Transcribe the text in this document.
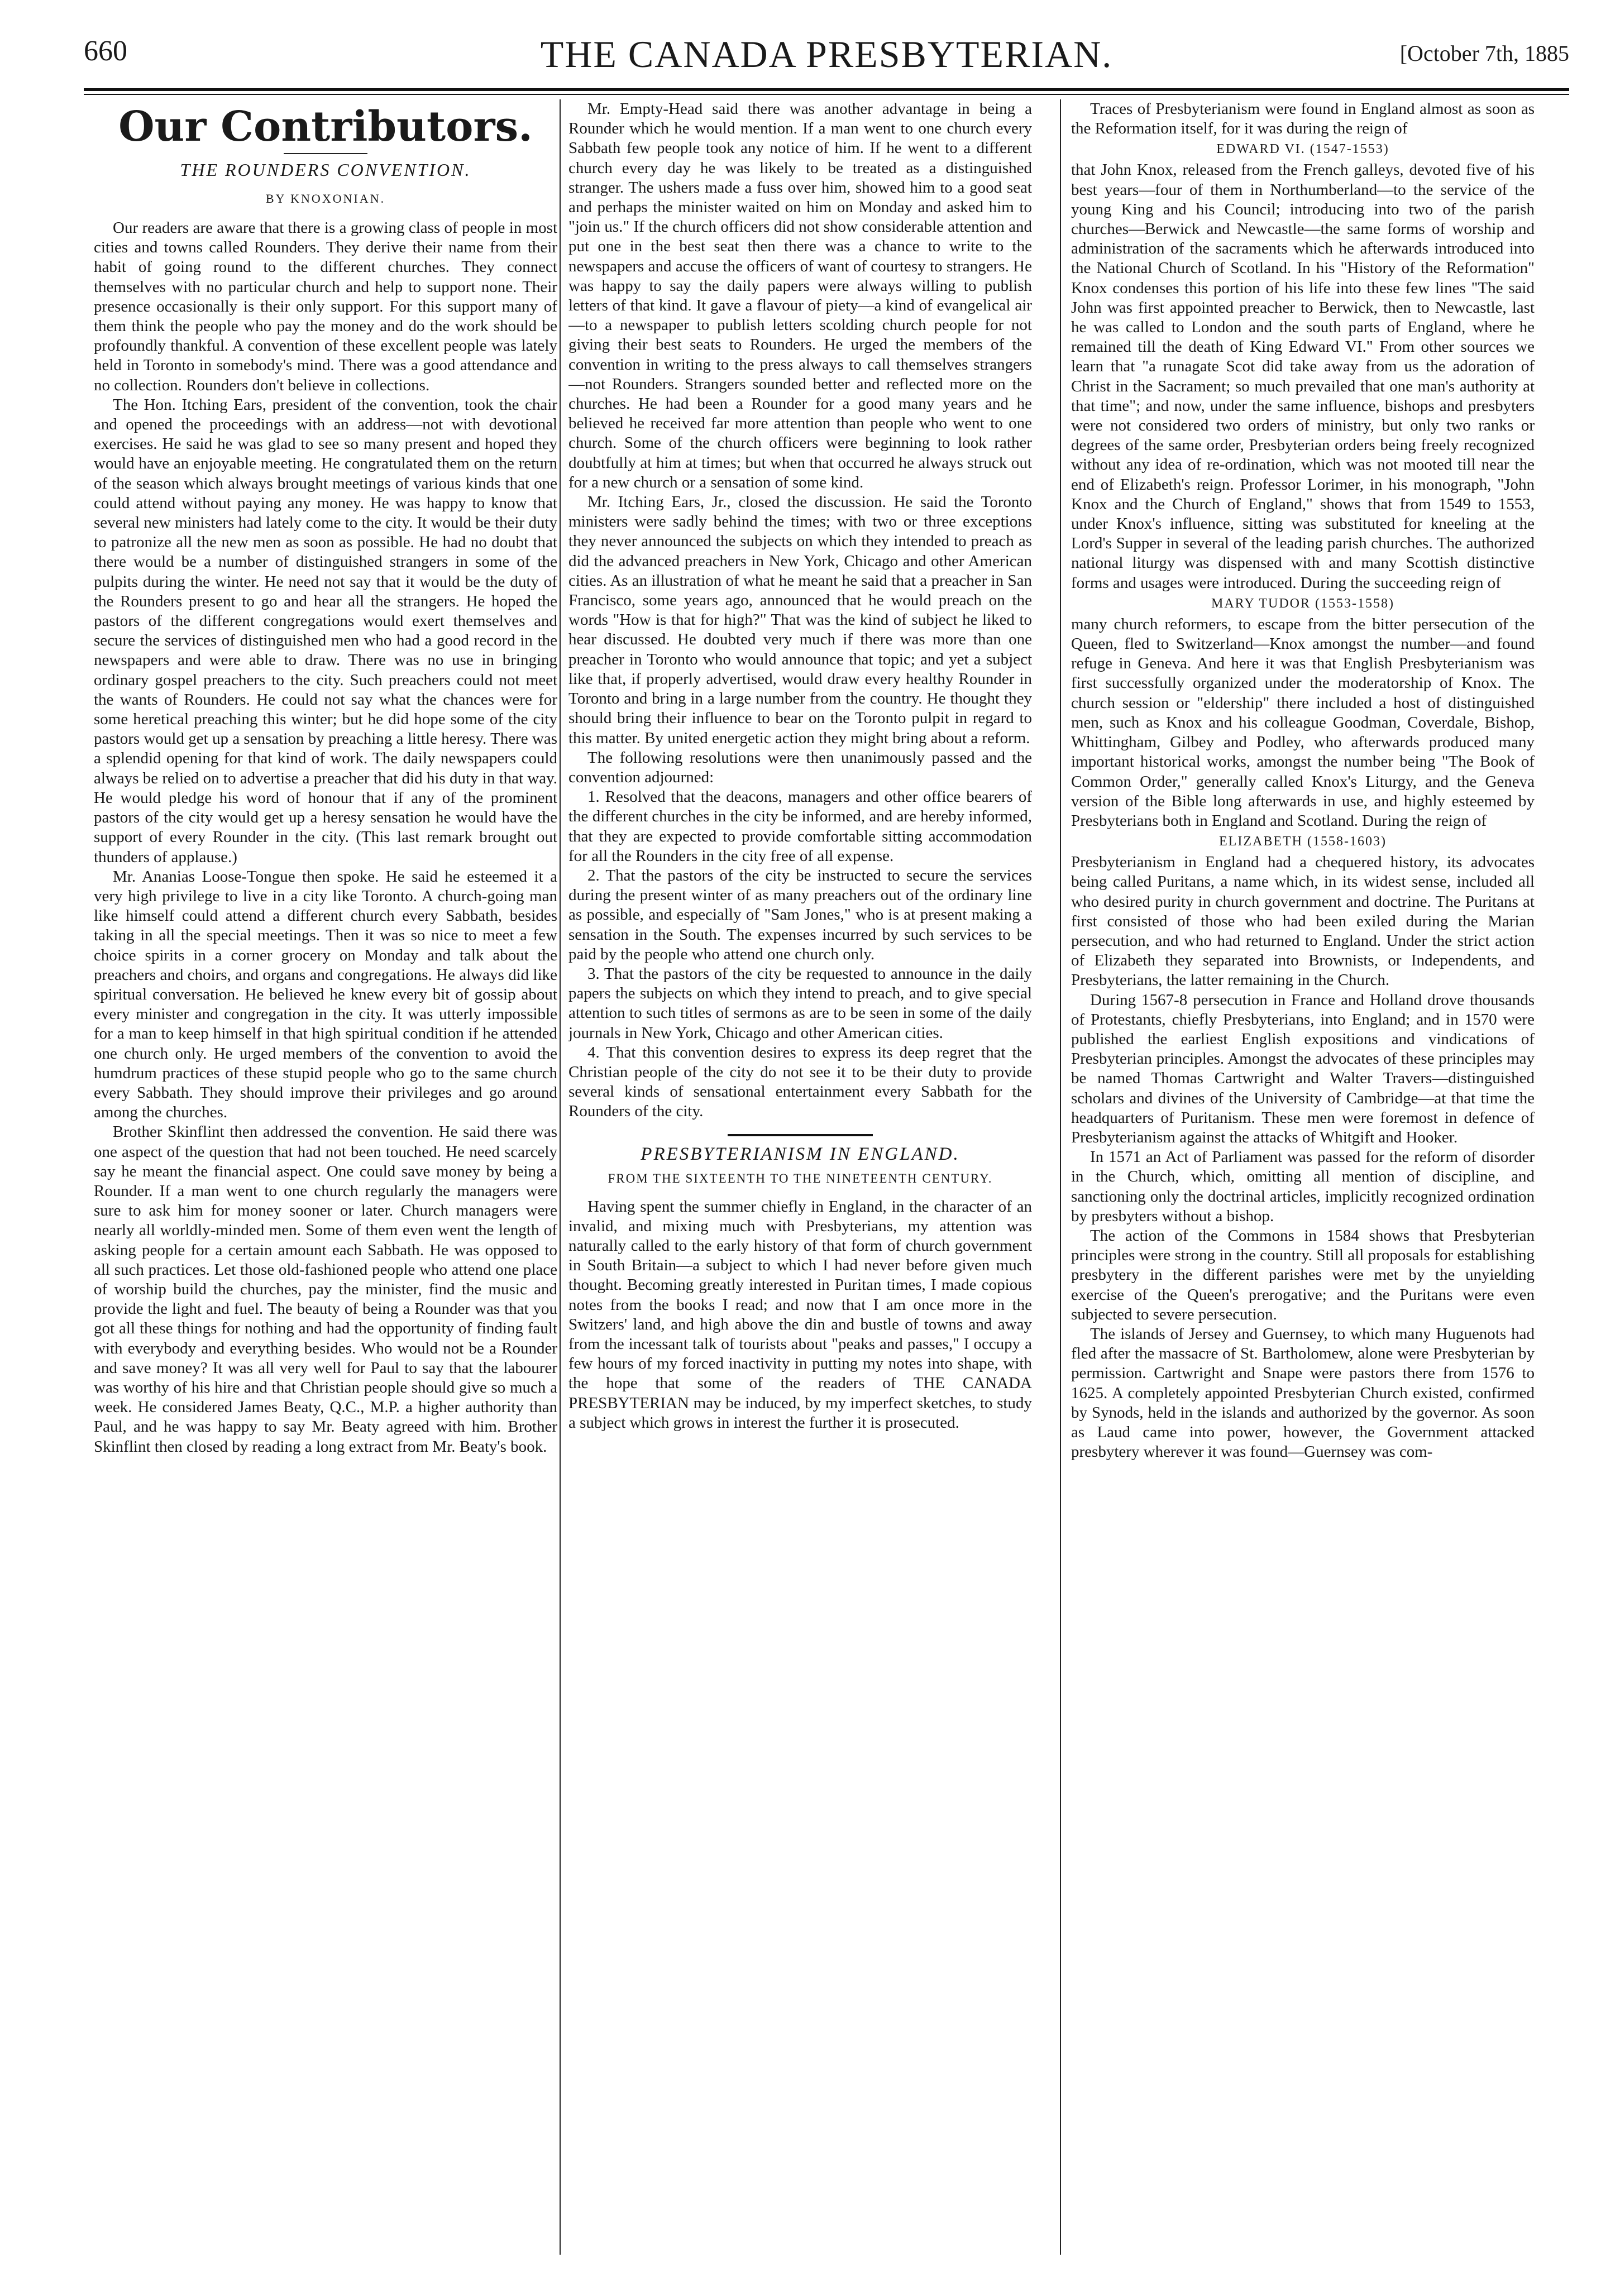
660	THE CANADA PRESBYTERIAN.	[October 7th, 1885
Our Contributors.
THE ROUNDERS CONVENTION.
BY KNOXONIAN.

Our readers are aware that there is a growing class of people in most cities and towns called Rounders. They derive their name from their habit of going round to the different churches. They connect themselves with no particular church and help to support none. Their presence occasionally is their only support. For this support many of them think the people who pay the money and do the work should be profoundly thankful. A convention of these excellent people was lately held in Toronto in somebody's mind. There was a good attendance and no collection. Rounders don't believe in collections.

The Hon. Itching Ears, president of the convention, took the chair and opened the proceedings with an address—not with devotional exercises. He said he was glad to see so many present and hoped they would have an enjoyable meeting. He congratulated them on the return of the season which always brought meetings of various kinds that one could attend without paying any money. He was happy to know that several new ministers had lately come to the city. It would be their duty to patronize all the new men as soon as possible. He had no doubt that there would be a number of distinguished strangers in some of the pulpits during the winter. He need not say that it would be the duty of the Rounders present to go and hear all the strangers. He hoped the pastors of the different congregations would exert themselves and secure the services of distinguished men who had a good record in the newspapers and were able to draw. There was no use in bringing ordinary gospel preachers to the city. Such preachers could not meet the wants of Rounders. He could not say what the chances were for some heretical preaching this winter; but he did hope some of the city pastors would get up a sensation by preaching a little heresy. There was a splendid opening for that kind of work. The daily newspapers could always be relied on to advertise a preacher that did his duty in that way. He would pledge his word of honour that if any of the prominent pastors of the city would get up a heresy sensation he would have the support of every Rounder in the city. (This last remark brought out thunders of applause.)

Mr. Ananias Loose-Tongue then spoke. He said he esteemed it a very high privilege to live in a city like Toronto. A church-going man like himself could attend a different church every Sabbath, besides taking in all the special meetings. Then it was so nice to meet a few choice spirits in a corner grocery on Monday and talk about the preachers and choirs, and organs and congregations. He always did like spiritual conversation. He believed he knew every bit of gossip about every minister and congregation in the city. It was utterly impossible for a man to keep himself in that high spiritual condition if he attended one church only. He urged members of the convention to avoid the humdrum practices of these stupid people who go to the same church every Sabbath. They should improve their privileges and go around among the churches.

Brother Skinflint then addressed the convention. He said there was one aspect of the question that had not been touched. He need scarcely say he meant the financial aspect. One could save money by being a Rounder. If a man went to one church regularly the managers were sure to ask him for money sooner or later. Church managers were nearly all worldly-minded men. Some of them even went the length of asking people for a certain amount each Sabbath. He was opposed to all such practices. Let those old-fashioned people who attend one place of worship build the churches, pay the minister, find the music and provide the light and fuel. The beauty of being a Rounder was that you got all these things for nothing and had the opportunity of finding fault with everybody and everything besides. Who would not be a Rounder and save money? It was all very well for Paul to say that the labourer was worthy of his hire and that Christian people should give so much a week. He considered James Beaty, Q.C., M.P. a higher authority than Paul, and he was happy to say Mr. Beaty agreed with him. Brother Skinflint then closed by reading a long extract from Mr. Beaty's book.

Mr. Empty-Head said there was another advantage in being a Rounder which he would mention. If a man went to one church every Sabbath few people took any notice of him. If he went to a different church every day he was likely to be treated as a distinguished stranger. The ushers made a fuss over him, showed him to a good seat and perhaps the minister waited on him on Monday and asked him to "join us." If the church officers did not show considerable attention and put one in the best seat then there was a chance to write to the newspapers and accuse the officers of want of courtesy to strangers. He was happy to say the daily papers were always willing to publish letters of that kind. It gave a flavour of piety—a kind of evangelical air—to a newspaper to publish letters scolding church people for not giving their best seats to Rounders. He urged the members of the convention in writing to the press always to call themselves strangers—not Rounders. Strangers sounded better and reflected more on the churches. He had been a Rounder for a good many years and he believed he received far more attention than people who went to one church. Some of the church officers were beginning to look rather doubtfully at him at times; but when that occurred he always struck out for a new church or a sensation of some kind.

Mr. Itching Ears, Jr., closed the discussion. He said the Toronto ministers were sadly behind the times; with two or three exceptions they never announced the subjects on which they intended to preach as did the advanced preachers in New York, Chicago and other American cities. As an illustration of what he meant he said that a preacher in San Francisco, some years ago, announced that he would preach on the words "How is that for high?" That was the kind of subject he liked to hear discussed. He doubted very much if there was more than one preacher in Toronto who would announce that topic; and yet a subject like that, if properly advertised, would draw every healthy Rounder in Toronto and bring in a large number from the country. He thought they should bring their influence to bear on the Toronto pulpit in regard to this matter. By united energetic action they might bring about a reform.

The following resolutions were then unanimously passed and the convention adjourned:

1. Resolved that the deacons, managers and other office bearers of the different churches in the city be informed, and are hereby informed, that they are expected to provide comfortable sitting accommodation for all the Rounders in the city free of all expense.

2. That the pastors of the city be instructed to secure the services during the present winter of as many preachers out of the ordinary line as possible, and especially of "Sam Jones," who is at present making a sensation in the South. The expenses incurred by such services to be paid by the people who attend one church only.

3. That the pastors of the city be requested to announce in the daily papers the subjects on which they intend to preach, and to give special attention to such titles of sermons as are to be seen in some of the daily journals in New York, Chicago and other American cities.

4. That this convention desires to express its deep regret that the Christian people of the city do not see it to be their duty to provide several kinds of sensational entertainment every Sabbath for the Rounders of the city.

PRESBYTERIANISM IN ENGLAND.
FROM THE SIXTEENTH TO THE NINETEENTH CENTURY.

Having spent the summer chiefly in England, in the character of an invalid, and mixing much with Presbyterians, my attention was naturally called to the early history of that form of church government in South Britain—a subject to which I had never before given much thought. Becoming greatly interested in Puritan times, I made copious notes from the books I read; and now that I am once more in the Switzers' land, and high above the din and bustle of towns and away from the incessant talk of tourists about "peaks and passes," I occupy a few hours of my forced inactivity in putting my notes into shape, with the hope that some of the readers of THE CANADA PRESBYTERIAN may be induced, by my imperfect sketches, to study a subject which grows in interest the further it is prosecuted.

Traces of Presbyterianism were found in England almost as soon as the Reformation itself, for it was during the reign of

EDWARD VI. (1547-1553)

that John Knox, released from the French galleys, devoted five of his best years—four of them in Northumberland—to the service of the young King and his Council; introducing into two of the parish churches—Berwick and Newcastle—the same forms of worship and administration of the sacraments which he afterwards introduced into the National Church of Scotland. In his "History of the Reformation" Knox condenses this portion of his life into these few lines "The said John was first appointed preacher to Berwick, then to Newcastle, last he was called to London and the south parts of England, where he remained till the death of King Edward VI." From other sources we learn that "a runagate Scot did take away from us the adoration of Christ in the Sacrament; so much prevailed that one man's authority at that time"; and now, under the same influence, bishops and presbyters were not considered two orders of ministry, but only two ranks or degrees of the same order, Presbyterian orders being freely recognized without any idea of re-ordination, which was not mooted till near the end of Elizabeth's reign. Professor Lorimer, in his monograph, "John Knox and the Church of England," shows that from 1549 to 1553, under Knox's influence, sitting was substituted for kneeling at the Lord's Supper in several of the leading parish churches. The authorized national liturgy was dispensed with and many Scottish distinctive forms and usages were introduced. During the succeeding reign of

MARY TUDOR (1553-1558)

many church reformers, to escape from the bitter persecution of the Queen, fled to Switzerland—Knox amongst the number—and found refuge in Geneva. And here it was that English Presbyterianism was first successfully organized under the moderatorship of Knox. The church session or "eldership" there included a host of distinguished men, such as Knox and his colleague Goodman, Coverdale, Bishop, Whittingham, Gilbey and Podley, who afterwards produced many important historical works, amongst the number being "The Book of Common Order," generally called Knox's Liturgy, and the Geneva version of the Bible long afterwards in use, and highly esteemed by Presbyterians both in England and Scotland. During the reign of

ELIZABETH (1558-1603)

Presbyterianism in England had a chequered history, its advocates being called Puritans, a name which, in its widest sense, included all who desired purity in church government and doctrine. The Puritans at first consisted of those who had been exiled during the Marian persecution, and who had returned to England. Under the strict action of Elizabeth they separated into Brownists, or Independents, and Presbyterians, the latter remaining in the Church.

During 1567-8 persecution in France and Holland drove thousands of Protestants, chiefly Presbyterians, into England; and in 1570 were published the earliest English expositions and vindications of Presbyterian principles. Amongst the advocates of these principles may be named Thomas Cartwright and Walter Travers—distinguished scholars and divines of the University of Cambridge—at that time the headquarters of Puritanism. These men were foremost in defence of Presbyterianism against the attacks of Whitgift and Hooker.

In 1571 an Act of Parliament was passed for the reform of disorder in the Church, which, omitting all mention of discipline, and sanctioning only the doctrinal articles, implicitly recognized ordination by presbyters without a bishop.

The action of the Commons in 1584 shows that Presbyterian principles were strong in the country. Still all proposals for establishing presbytery in the different parishes were met by the unyielding exercise of the Queen's prerogative; and the Puritans were even subjected to severe persecution.

The islands of Jersey and Guernsey, to which many Huguenots had fled after the massacre of St. Bartholomew, alone were Presbyterian by permission. Cartwright and Snape were pastors there from 1576 to 1625. A completely appointed Presbyterian Church existed, confirmed by Synods, held in the islands and authorized by the governor. As soon as Laud came into power, however, the Government attacked presbytery wherever it was found—Guernsey was com-
